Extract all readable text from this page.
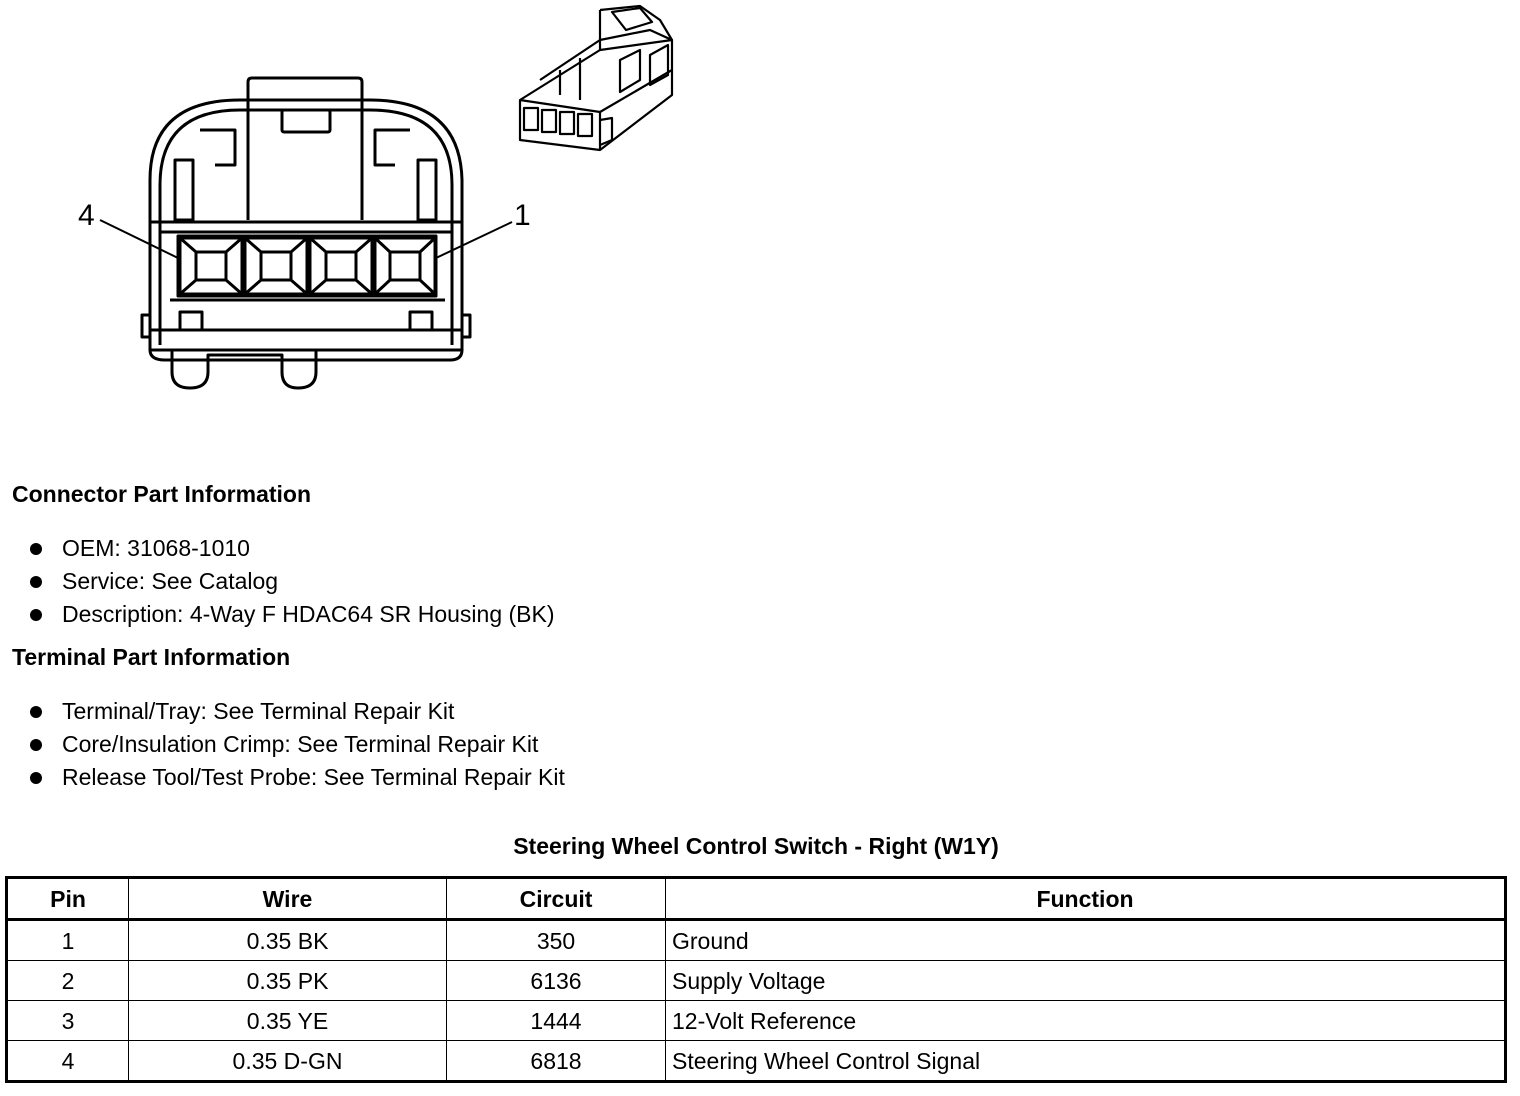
4	1
Connector Part Information
OEM: 31068-1010
Service: See Catalog
Description: 4-Way F HDAC64 SR Housing (BK)
Terminal Part Information
Terminal/Tray: See Terminal Repair Kit
Core/Insulation Crimp: See Terminal Repair Kit
Release Tool/Test Probe: See Terminal Repair Kit
Steering Wheel Control Switch - Right (W1Y)
Pin	Wire	Circuit	Function
1	0.35 BK	350	Ground
2	0.35 PK	6136	Supply Voltage
3	0.35 YE	1444	12-Volt Reference
4	0.35 D-GN	6818	Steering Wheel Control Signal
